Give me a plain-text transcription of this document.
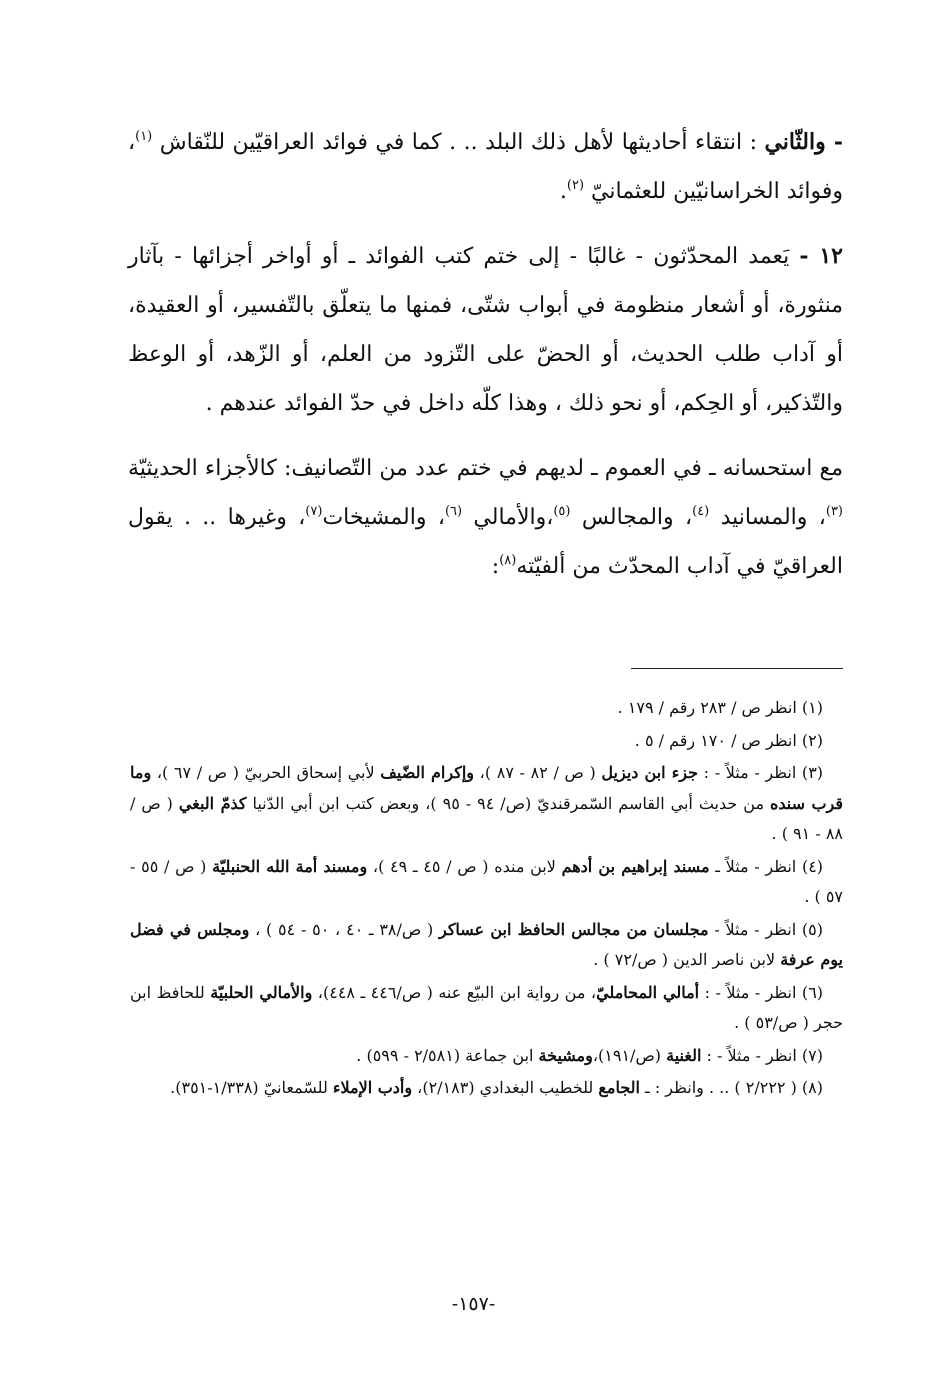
- والثّاني : انتقاء أحاديثها لأهل ذلك البلد .. . كما في فوائد العراقيّين للنّقاش $^{(١)}$، وفوائد الخراسانيّين للعثمانيّ $^{(٢)}$.

١٢ - يَعمد المحدّثون - غالبًا - إلى ختم كتب الفوائد ـ أو أواخر أجزائها - بآثار منثورة، أو أشعار منظومة في أبواب شتّى، فمنها ما يتعلّق بالتّفسير، أو العقيدة، أو آداب طلب الحديث، أو الحضّ على التّزود من العلم، أو الزّهد، أو الوعظ والتّذكير، أو الحِكم، أو نحو ذلك ، وهذا كلّه داخل في حدّ الفوائد عندهم .

مع استحسانه ـ في العموم ـ لديهم في ختم عدد من التّصانيف: كالأجزاء الحديثيّة $^{(٣)}$، والمسانيد $^{(٤)}$، والمجالس $^{(٥)}$،والأمالي $^{(٦)}$، والمشيخات$^{(٧)}$، وغيرها .. . يقول العراقيّ في آداب المحدّث من ألفيّته$^{(٨)}$:

(١) انظر ص / ٢٨٣ رقم / ١٧٩ .

(٢) انظر ص / ١٧٠ رقم / ٥ .

(٣) انظر - مثلاً - : جزء ابن ديزيل ( ص / ٨٢ - ٨٧ )، وإكرام الضّيف لأبي إسحاق الحربيّ ( ص / ٦٧ )، وما قرب سنده من حديث أبي القاسم السّمرقنديّ (ص/ ٩٤ - ٩٥ )، وبعض كتب ابن أبي الدّنيا كذمّ البغي ( ص / ٨٨ - ٩١ ) .

(٤) انظر - مثلاً ـ مسند إبراهيم بن أدهم لابن منده ( ص / ٤٥ ـ ٤٩ )، ومسند أمة الله الحنبليّة ( ص / ٥٥ - ٥٧ ) .

(٥) انظر - مثلاً - مجلسان من مجالس الحافظ ابن عساكر ( ص/٣٨ ـ ٤٠ ، ٥٠ - ٥٤ ) ، ومجلس في فضل يوم عرفة لابن ناصر الدين ( ص/٧٢ ) .

(٦) انظر - مثلاً - : أمالي المحامليّ، من رواية ابن البيّع عنه ( ص/٤٤٦ ـ ٤٤٨)، والأمالي الحلبيّة للحافظ ابن حجر ( ص/٥٣ ) .

(٧) انظر - مثلاً - : الغنية (ص/١٩١)،ومشيخة ابن جماعة (٢/٥٨١ - ٥٩٩) .

(٨) ( ٢/٢٢٢ ) .. . وانظر : ـ الجامع للخطيب البغدادي (٢/١٨٣)، وأدب الإملاء للسّمعانيّ (١/٣٣٨-٣٥١).

-١٥٧-
